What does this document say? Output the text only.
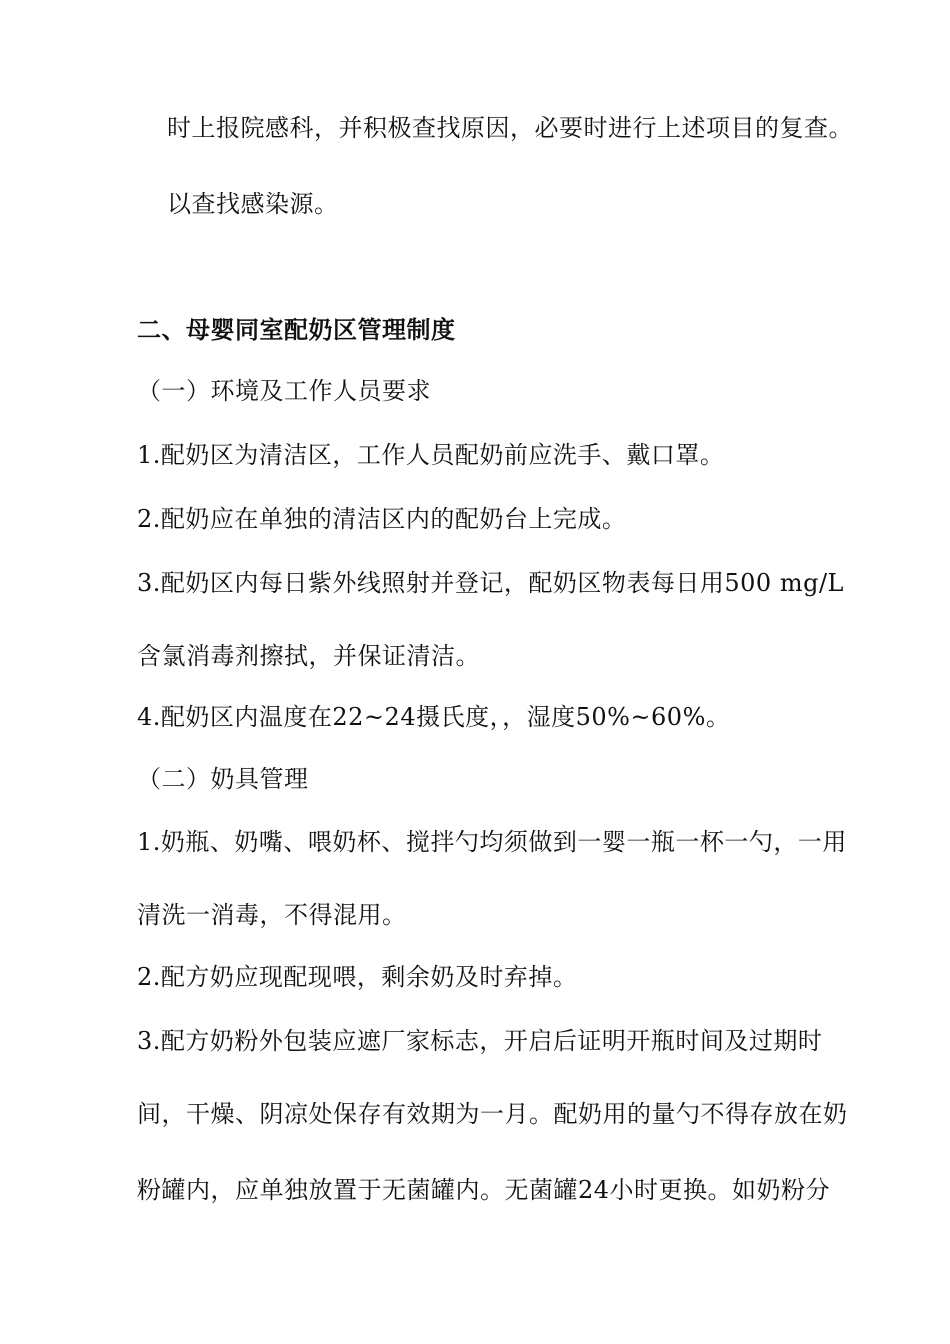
时上报院感科，并积极查找原因，必要时进行上述项目的复查。
以查找感染源。
二、母婴同室配奶区管理制度
（一）环境及工作人员要求
1.配奶区为清洁区，工作人员配奶前应洗手、戴口罩。
2.配奶应在单独的清洁区内的配奶台上完成。
3.配奶区内每日紫外线照射并登记，配奶区物表每日用500 mg/L
含氯消毒剂擦拭，并保证清洁。
4.配奶区内温度在22~24摄氏度，，湿度50%~60%。
（二）奶具管理
1.奶瓶、奶嘴、喂奶杯、搅拌勺均须做到一婴一瓶一杯一勺，一用
清洗一消毒，不得混用。
2.配方奶应现配现喂，剩余奶及时弃掉。
3.配方奶粉外包装应遮厂家标志，开启后证明开瓶时间及过期时
间，干燥、阴凉处保存有效期为一月。配奶用的量勺不得存放在奶
粉罐内，应单独放置于无菌罐内。无菌罐24小时更换。如奶粉分
